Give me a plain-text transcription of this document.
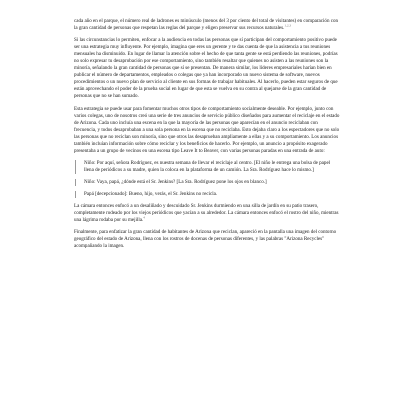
cada año en el parque, el número real de ladrones es minúsculo (menos del 3 por ciento del total de visitantes) en comparación con la gran cantidad de personas que respetan las reglas del parque y eligen preservar sus recursos naturales.$^{1,2,3}$

Si las circunstancias lo permiten, enfocar a la audiencia en todas las personas que sí participan del comportamiento positivo puede ser una estrategia muy influyente. Por ejemplo, imagina que eres un gerente y te das cuenta de que la asistencia a tus reuniones mensuales ha disminuido. En lugar de llamar la atención sobre el hecho de que tanta gente se está perdiendo las reuniones, podrías no solo expresar tu desaprobación por ese comportamiento, sino también resaltar que quienes no asisten a las reuniones son la minoría, señalando la gran cantidad de personas que sí se presentan. De manera similar, los líderes empresariales harían bien en publicar el número de departamentos, empleados o colegas que ya han incorporado un nuevo sistema de software, nuevos procedimientos o un nuevo plan de servicio al cliente en sus formas de trabajar habituales. Al hacerlo, pueden estar seguros de que están aprovechando el poder de la prueba social en lugar de que esta se vuelva en su contra al quejarse de la gran cantidad de personas que no se han sumado.

Esta estrategia se puede usar para fomentar muchos otros tipos de comportamiento socialmente deseable. Por ejemplo, junto con varios colegas, uno de nosotros creó una serie de tres anuncios de servicio público diseñados para aumentar el reciclaje en el estado de Arizona. Cada uno incluía una escena en la que la mayoría de las personas que aparecían en el anuncio reciclaban con frecuencia, y todos desaprobaban a una sola persona en la escena que no reciclaba. Esto dejaba claro a los espectadores que no solo las personas que no reciclan son minoría, sino que otros las desaprueban ampliamente a ellas y a su comportamiento. Los anuncios también incluían información sobre cómo reciclar y los beneficios de hacerlo. Por ejemplo, un anuncio a propósito exagerado presentaba a un grupo de vecinos en una escena tipo Leave It to Beaver, con varias personas paradas en una entrada de auto:

Niño: Por aquí, señora Rodríguez, es nuestra semana de llevar el reciclaje al centro. [El niño le entrega una bolsa de papel llena de periódicos a su madre, quien la coloca en la plataforma de un camión. La Sra. Rodríguez hace lo mismo.]

Niño: Vaya, papá, ¿dónde está el Sr. Jenkins? [La Sra. Rodríguez pone los ojos en blanco.]

Papá [decepcionado]: Bueno, hijo, verás, el Sr. Jenkins no recicla.

La cámara entonces enfocó a un desaliñado y descuidado Sr. Jenkins durmiendo en una silla de jardín en su patio trasero, completamente rodeado por los viejos periódicos que yacían a su alrededor. La cámara entonces enfocó el rostro del niño, mientras una lágrima rodaba por su mejilla.$^4$

Finalmente, para enfatizar la gran cantidad de habitantes de Arizona que reciclan, apareció en la pantalla una imagen del contorno geográfico del estado de Arizona, llena con los rostros de docenas de personas diferentes, y las palabras "Arizona Recycles" acompañando la imagen.
